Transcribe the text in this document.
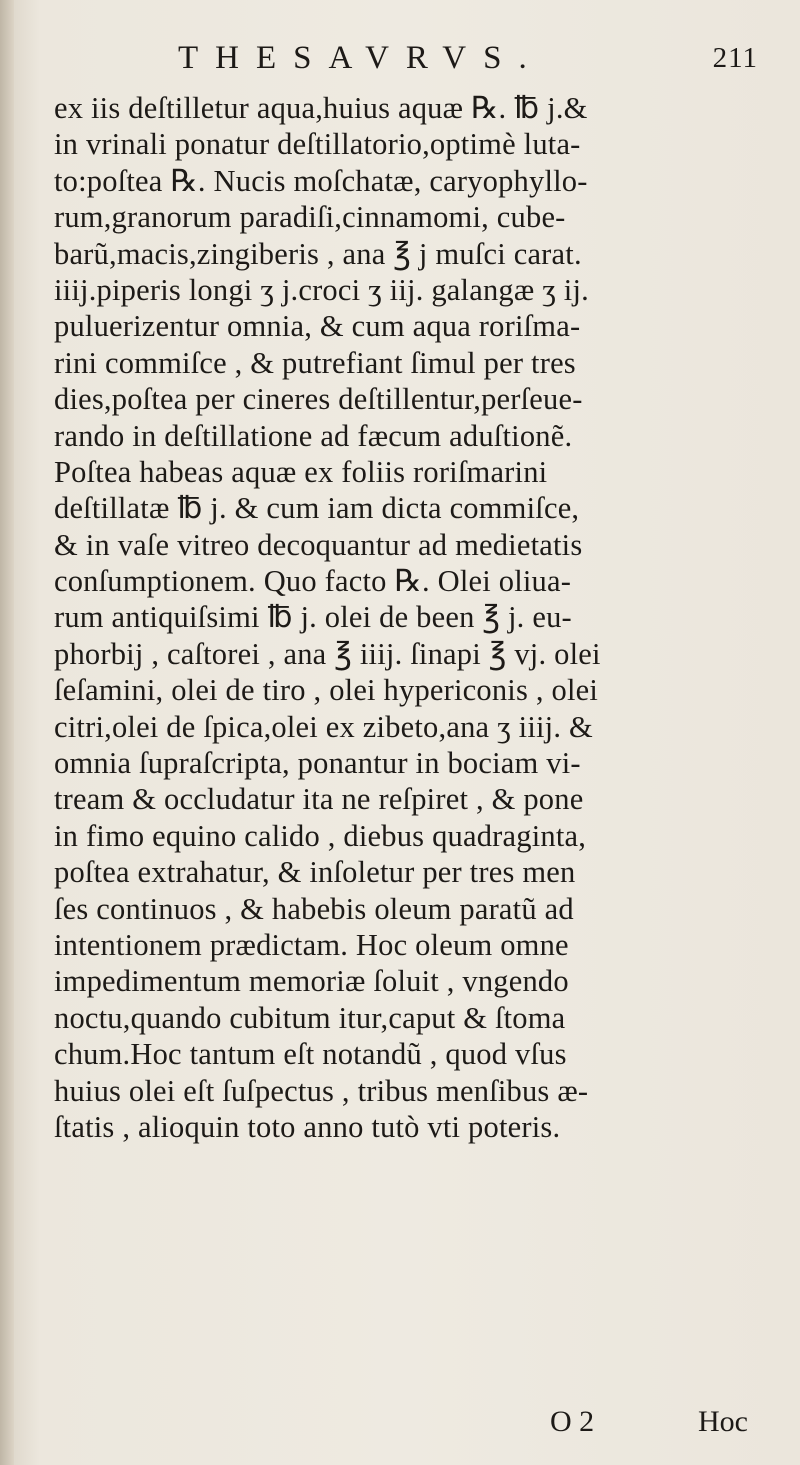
THESAVRVS.	211
ex iis deſtilletur aqua,huius aquæ ℞. ℔ j.&
in vrinali ponatur deſtillatorio,optimè luta-
to:poſtea ℞. Nucis moſchatæ, caryophyllo-
rum,granorum paradiſi,cinnamomi, cube-
barũ,macis,zingiberis , ana ℥ j muſci carat.
iiij.piperis longi ʒ j.croci ʒ iij. galangæ ʒ ij.
puluerizentur omnia, & cum aqua roriſma-
rini commiſce , & putrefiant ſimul per tres
dies,poſtea per cineres deſtillentur,perſeue-
rando in deſtillatione ad fæcum aduſtionẽ.
Poſtea habeas aquæ ex foliis roriſmarini
deſtillatæ ℔ j. & cum iam dicta commiſce,
& in vaſe vitreo decoquantur ad medietatis
conſumptionem. Quo facto ℞. Olei oliua-
rum antiquiſsimi ℔ j. olei de been ℥ j. eu-
phorbij , caſtorei , ana ℥ iiij. ſinapi ℥ vj. olei
ſeſamini, olei de tiro , olei hypericonis , olei
citri,olei de ſpica,olei ex zibeto,ana ʒ iiij. &
omnia ſupraſcripta, ponantur in bociam vi-
tream & occludatur ita ne reſpiret , & pone
in fimo equino calido , diebus quadraginta,
poſtea extrahatur, & inſoletur per tres men
ſes continuos , & habebis oleum paratũ ad
intentionem prædictam. Hoc oleum omne
impedimentum memoriæ ſoluit , vngendo
noctu,quando cubitum itur,caput & ſtoma
chum.Hoc tantum eſt notandũ , quod vſus
huius olei eſt ſuſpectus , tribus menſibus æ-
ſtatis , alioquin toto anno tutò vti poteris.
O 2	Hoc
